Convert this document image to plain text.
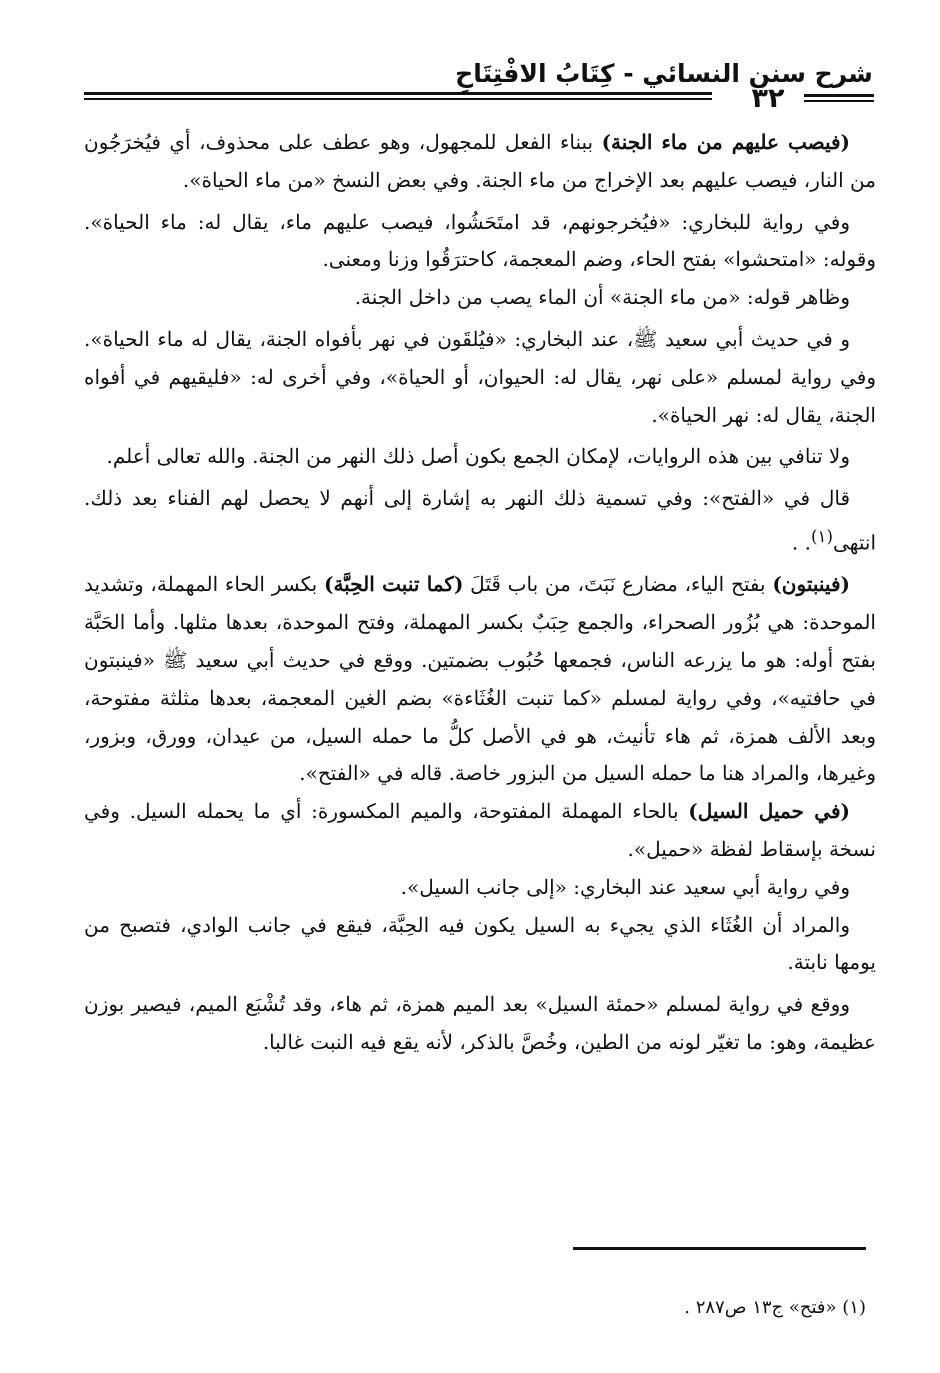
شرح سنن النسائي - كِتَابُ الافْتِتَاحِ
٣٢

(فيصب عليهم من ماء الجنة) ببناء الفعل للمجهول، وهو عطف على محذوف، أي فيُخرَجُون من النار، فيصب عليهم بعد الإخراج من ماء الجنة. وفي بعض النسخ «من ماء الحياة».

وفي رواية للبخاري: «فيُخرجونهم، قد امتَحَشُوا، فيصب عليهم ماء، يقال له: ماء الحياة». وقوله: «امتحشوا» بفتح الحاء، وضم المعجمة، كاحترَقُوا وزنا ومعنى.

وظاهر قوله: «من ماء الجنة» أن الماء يصب من داخل الجنة.

و في حديث أبي سعيد ﷺ، عند البخاري: «فيُلقَون في نهر بأفواه الجنة، يقال له ماء الحياة». وفي رواية لمسلم «على نهر، يقال له: الحيوان، أو الحياة»، وفي أخرى له: «فليقيهم في أفواه الجنة، يقال له: نهر الحياة».

ولا تنافي بين هذه الروايات، لإمكان الجمع بكون أصل ذلك النهر من الجنة. والله تعالى أعلم.

قال في «الفتح»: وفي تسمية ذلك النهر به إشارة إلى أنهم لا يحصل لهم الفناء بعد ذلك. انتهى$^{(١)}$. .

(فينبتون) بفتح الياء، مضارع نَبَتَ، من باب قَتَلَ (كما تنبت الحِبَّة) بكسر الحاء المهملة، وتشديد الموحدة: هي بُزُور الصحراء، والجمع حِبَبٌ بكسر المهملة، وفتح الموحدة، بعدها مثلها. وأما الحَبَّة بفتح أوله: هو ما يزرعه الناس، فجمعها حُبُوب بضمتين. ووقع في حديث أبي سعيد ﷺ «فينبتون في حافتيه»، وفي رواية لمسلم «كما تنبت الغُثَاءة» بضم الغين المعجمة، بعدها مثلثة مفتوحة، وبعد الألف همزة، ثم هاء تأنيث، هو في الأصل كلُّ ما حمله السيل، من عيدان، وورق، وبزور، وغيرها، والمراد هنا ما حمله السيل من البزور خاصة. قاله في «الفتح».

(في حميل السيل) بالحاء المهملة المفتوحة، والميم المكسورة: أي ما يحمله السيل. وفي نسخة بإسقاط لفظة «حميل».

وفي رواية أبي سعيد عند البخاري: «إلى جانب السيل».

والمراد أن الغُثَاء الذي يجيء به السيل يكون فيه الحِبَّة، فيقع في جانب الوادي، فتصبح من يومها نابتة.

ووقع في رواية لمسلم «حمئة السيل» بعد الميم همزة، ثم هاء، وقد تُشْبَع الميم، فيصير بوزن عظيمة، وهو: ما تغيّر لونه من الطين، وخُصَّ بالذكر، لأنه يقع فيه النبت غالبا.

(١) «فتح» ج١٣ ص٢٨٧ .
